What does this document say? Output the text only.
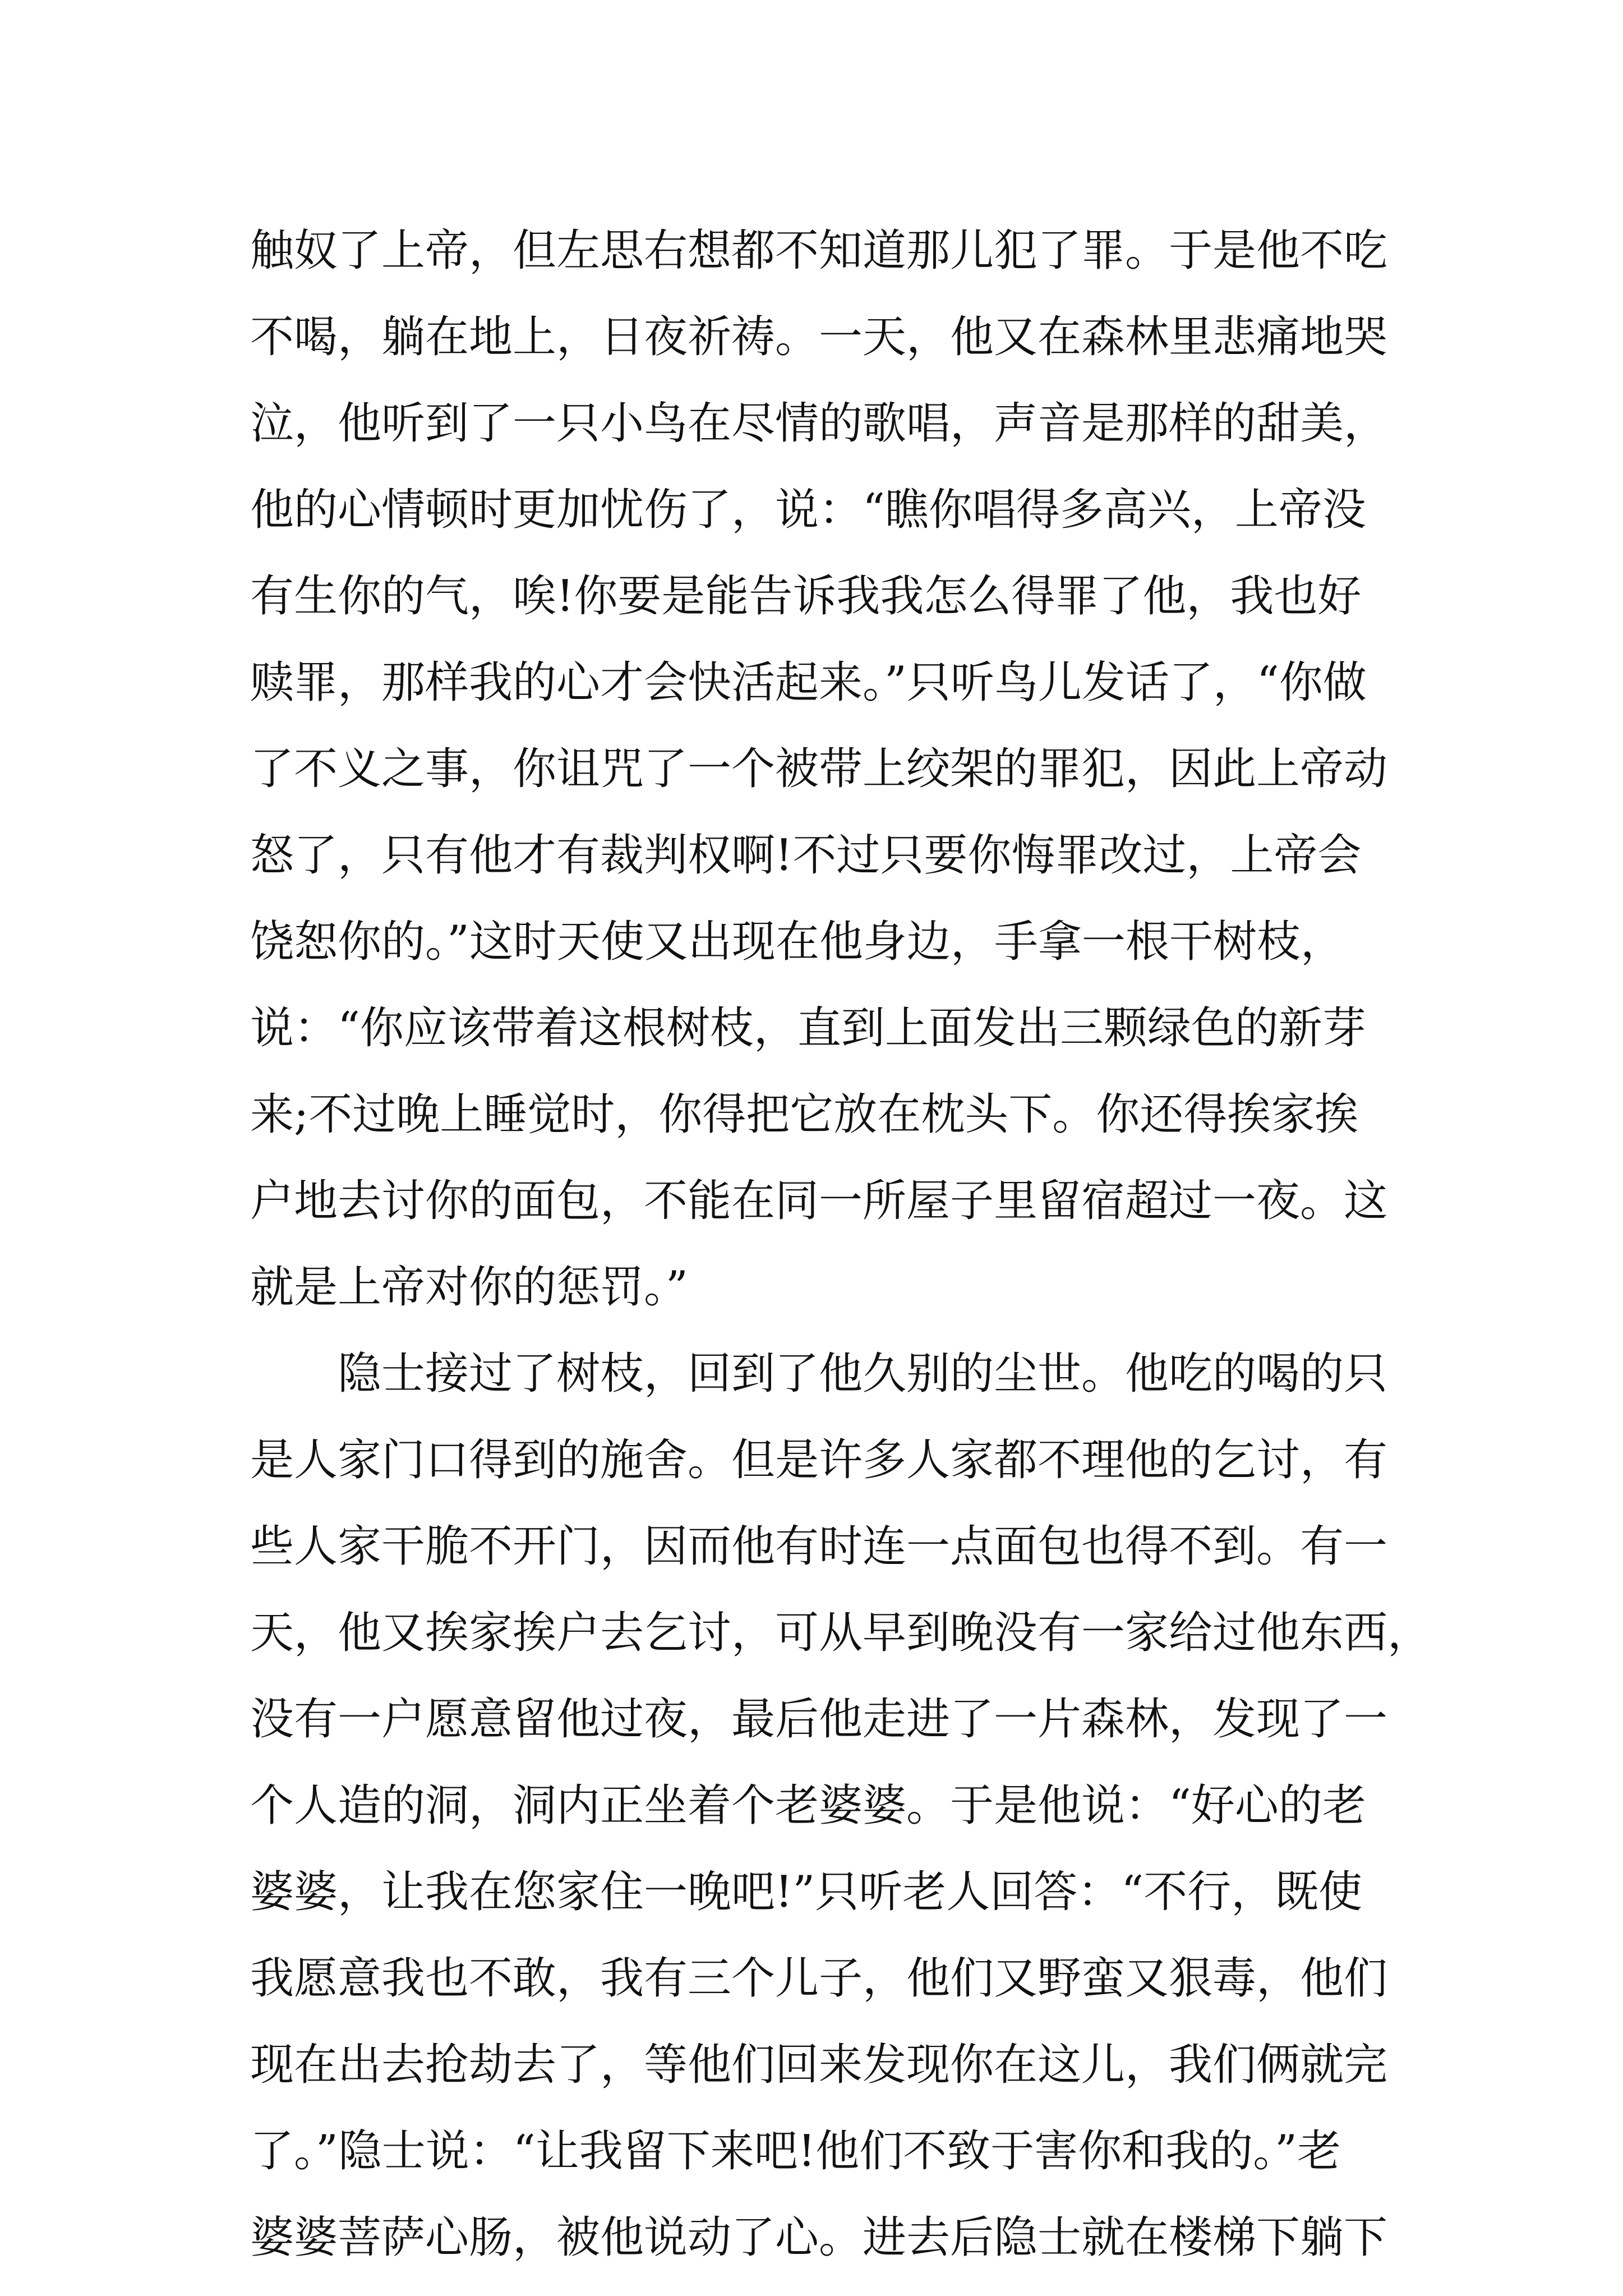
触奴了上帝，但左思右想都不知道那儿犯了罪。于是他不吃
不喝，躺在地上，日夜祈祷。一天，他又在森林里悲痛地哭
泣，他听到了一只小鸟在尽情的歌唱，声音是那样的甜美，
他的心情顿时更加忧伤了，说：“瞧你唱得多高兴，上帝没
有生你的气，唉!你要是能告诉我我怎么得罪了他，我也好
赎罪，那样我的心才会快活起来。”只听鸟儿发话了，“你做
了不义之事，你诅咒了一个被带上绞架的罪犯，因此上帝动
怒了，只有他才有裁判权啊!不过只要你悔罪改过，上帝会
饶恕你的。”这时天使又出现在他身边，手拿一根干树枝，
说：“你应该带着这根树枝，直到上面发出三颗绿色的新芽
来;不过晚上睡觉时，你得把它放在枕头下。你还得挨家挨
户地去讨你的面包，不能在同一所屋子里留宿超过一夜。这
就是上帝对你的惩罚。”
隐士接过了树枝，回到了他久别的尘世。他吃的喝的只
是人家门口得到的施舍。但是许多人家都不理他的乞讨，有
些人家干脆不开门，因而他有时连一点面包也得不到。有一
天，他又挨家挨户去乞讨，可从早到晚没有一家给过他东西，
没有一户愿意留他过夜，最后他走进了一片森林，发现了一
个人造的洞，洞内正坐着个老婆婆。于是他说：“好心的老
婆婆，让我在您家住一晚吧!”只听老人回答：“不行，既使
我愿意我也不敢，我有三个儿子，他们又野蛮又狠毒，他们
现在出去抢劫去了，等他们回来发现你在这儿，我们俩就完
了。”隐士说：“让我留下来吧!他们不致于害你和我的。”老
婆婆菩萨心肠，被他说动了心。进去后隐士就在楼梯下躺下
